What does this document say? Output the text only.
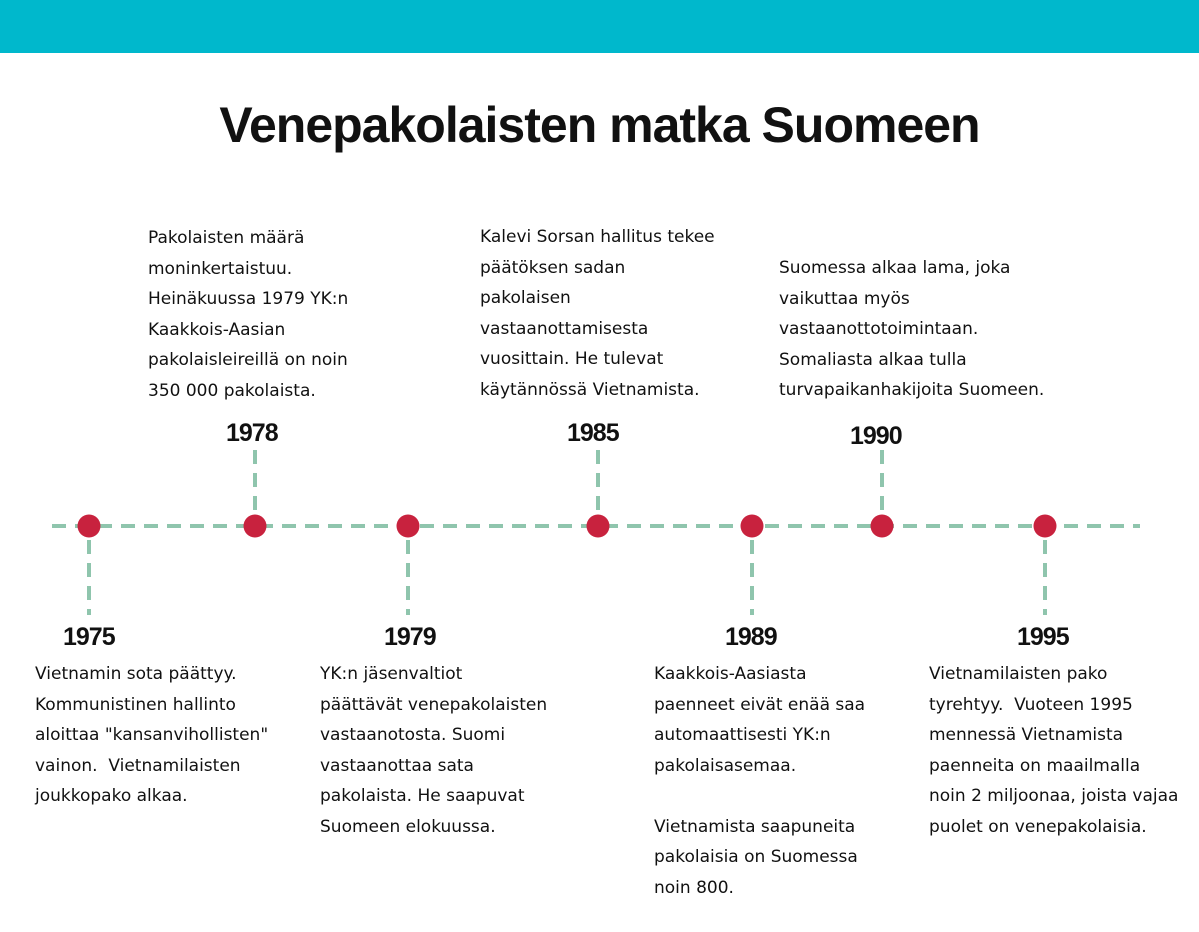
Venepakolaisten matka Suomeen
1975
Vietnamin sota päättyy.
Kommunistinen hallinto
aloittaa "kansanvihollisten"
vainon.  Vietnamilaisten
joukkopako alkaa.
1978
Pakolaisten määrä
moninkertaistuu.
Heinäkuussa 1979 YK:n
Kaakkois-Aasian
pakolaisleireillä on noin
350 000 pakolaista.
1979
YK:n jäsenvaltiot
päättävät venepakolaisten
vastaanotosta. Suomi
vastaanottaa sata
pakolaista. He saapuvat
Suomeen elokuussa.
1985
Kalevi Sorsan hallitus tekee
päätöksen sadan
pakolaisen
vastaanottamisesta
vuosittain. He tulevat
käytännössä Vietnamista.
1989
Kaakkois-Aasiasta
paenneet eivät enää saa
automaattisesti YK:n
pakolaisasemaa.

Vietnamista saapuneita
pakolaisia on Suomessa
noin 800.
1990
Suomessa alkaa lama, joka
vaikuttaa myös
vastaanottotoimintaan.
Somaliasta alkaa tulla
turvapaikanhakijoita Suomeen.
1995
Vietnamilaisten pako
tyrehtyy.  Vuoteen 1995
mennessä Vietnamista
paenneita on maailmalla
noin 2 miljoonaa, joista vajaa
puolet on venepakolaisia.
